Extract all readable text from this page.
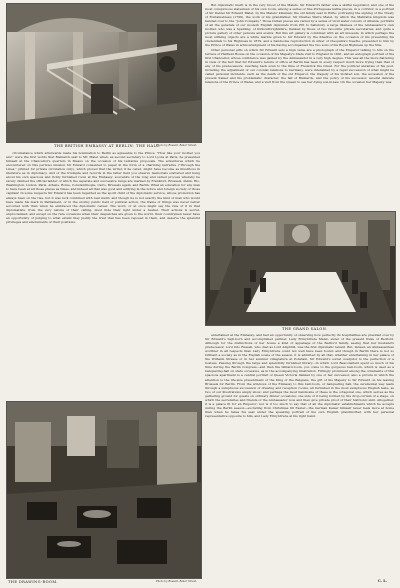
THE BRITISH EMBASSY AT BERLIN: THE HALL.
Photo by Russell, Baker Street.

But diplomatic merit is in the very blood of the Malets. Sir Edward's father was a skilful negotiator, and one of the most conspicuous statesmen of his own room, among a series of fine Portuguese battle-pieces, in a corridor, is a portrait of Sir Daniel Sir Edward Malet, by the Malets' kinsman; the old family seat in Wilts; portraying the signing of the Treaty of Fontainebleau (1796), the work of his grandfather, Sir Charles Warre Malet, by which the Mahratta kingdom was handed over to the "John Company." Those Indian pieces are varied by a series of vivid water colours of Albania, portraits of all the generals of our modern English diplomats from Pitt to Salisbury, a large likeness of the Ambassador's own mother, who was a Spalding, of Kirkcudbrightshire, flanked by those of two favourite private secretaries; and quite a picture gallery of other persons and events. But this art gallery is combined with an art museum, in which perhaps the most striking objects are a white marble given to Sir Edward by the Khedive on the occasion of his presenting his credentials to his Highness in 1879, and a handsome reproduction in silver of Cleopatra's Needle, presented to him by the Prince of Wales in acknowledgment of his having accompanied the two sons of his Royal Highness up the Nile.

Other personal gifts on which Sir Edward sets a high value are a photograph of the Emperor talking to him on the terrace of Hatfield House on the occasion of his Majesty's State visit to England in 1891, and an autograph portrait of the first Chancellor, whose confidence was gained by the Ambassador in a very high degree. This was all the more flattering in view of the fact that Sir Edward's tenure of office at Berlin has been in every respect much more trying than that of any of his predecessors, reaching back even to the time of Frederick the Great. For the political anxieties of his post, including the adjustment of our colonial relations to Germany, were intensified by a rapid succession of what might be called personal incidents, such as the death of the old Emperor, the tragedy of his ill-fated son, the accession of the present Kaiser and his problematic character, the fall of Bismarck, and the policy of his successor, several delicate missions of the Prince of Wales, and a visit from the Queen to see her dying son-in-law. On the occasion her Majesty was

circumstance which afterwards made his nomination to Berlin as agreeable to the Prince. "How like your mother you are!" were the first words that Bismarck said to Mr. Malet when, as second secretary to Lord Lyons at Paris, he presented himself at the Chancellor's quarters in Meaux on the occasion of his tentative proposals. The adventures which he encountered on this perilous mission Sir Edward consented to paper in the form of a charming narrative ("Through the Lines," printed for private circulation only), which proved that the writer, if he cared, might have become as illustrious in literature as in diplomacy. And of the triumphs and records in the latter field you observe memorials scattered and hung about his own spacious and richly furnished room at the Embassy: souvenirs of the long and varied process whereby he slowly climbed the official ladder of which the separate and successive rungs are marked by Frankfort, Brussels, Pekin, Rio, Washington, Lisbon, Paris, Athens, Rome, Constantinople, Cairo, Brussels again, and Berlin. What an education for any man to have been at all those places as times, and indeed all that was good and edifying in the notice and foreign society of those capitals! In some respects Sir Edward has been regarded as the spoilt child of the diplomatic service, whose promotion has always been on the rise, but it was luck combined with real merit; and though he is not exactly the kind of man who would have made his mark in Parliament, or in the stormy public field of political action, the frame of things was never better accorded with than when he embraced the diplomatic career. The word, or at once might say the rule of it in that diplomatists, from the very nature of their calling, must hide their light under a bushel. Their actions is secret, unproclaimed; and except on the rare occasions when their despatches are given to the world, their countrymen never have an opportunity of judging to what extent they justify the trust that has been reposed in them, and deserve the splendid privileges and emoluments of their positions.

THE GRAND SALON.
THE DRAWING-ROOM.	Photo by Russell, Baker Street.

entertained at the Embassy; and had an opportunity of observing how perfectly its hospitalities are presided over by Sir Edward's high-born and accomplished partner, Lady Ermyntrude Malet, sister of the present Duke of Bedford. Although for the distinctions of her house a kind of appanage of the Bedford family, seeing that her husband's predecessor, Lord Odo Russell, who died as Lord Ampthill, was the first diplomatic tenant. But, indeed, an Ambassadress worthier in all respects than Lady Ermyntrude could not well have been found; and though in Berlin there is not so brilliant a society as in the English scene of the season, it is admitted by all that, whether entertaining in her palace of the Wilhelm Strasse or in her summer villegiatura at Potsdam, Sir Edward's social coadjutor is the perfection of a hostess. Passing through the large and splendidly furnished library—in which Lord Beaconsfield spent so much of his time during the Berlin Congress—and then the billiard-room, you come to the gorgeous ball-room, which is used as a banqueting-hall on state occasions, as in the accompanying illustration. Fittingly prominent among the ornaments of this spacious apartment is a central portrait of Queen Victoria flanked by one of her successor, also a picture in which the attention is the life-size presentment of the King of the Belgians, the gift of his Majesty to Sir Edward on his leaving Brussels for Berlin. From the windows of the Embassy to this ball-room, or banqueting hall, the ceremonial way leads through a sumptuous succession of drawing and reception rooms, all furnished in the most sumptuous English taste, as two of our illustrations amply show; and perhaps the most handsome of these is the octagonal one, which serves as the gathering ground for guests on ordinary dinner occasions; one side of it being formed by the drop-curtain of a stage, on which the secretaries and friends of the Ambassador now and then give private proof of their histrionic skill. Altogether, it is a palace fit for an Emperor; nor is it too much to say that of all the diplomatic establishments which he accepts during the Berlin season—excluding from Christmas till Easter—the German Kaiser himself never feels more at home than when he takes his seat under the speaking portrait of his own English grandmother, with her personal representative opposite to him, and Lady Ermyntrude at his right hand.

C. L.
